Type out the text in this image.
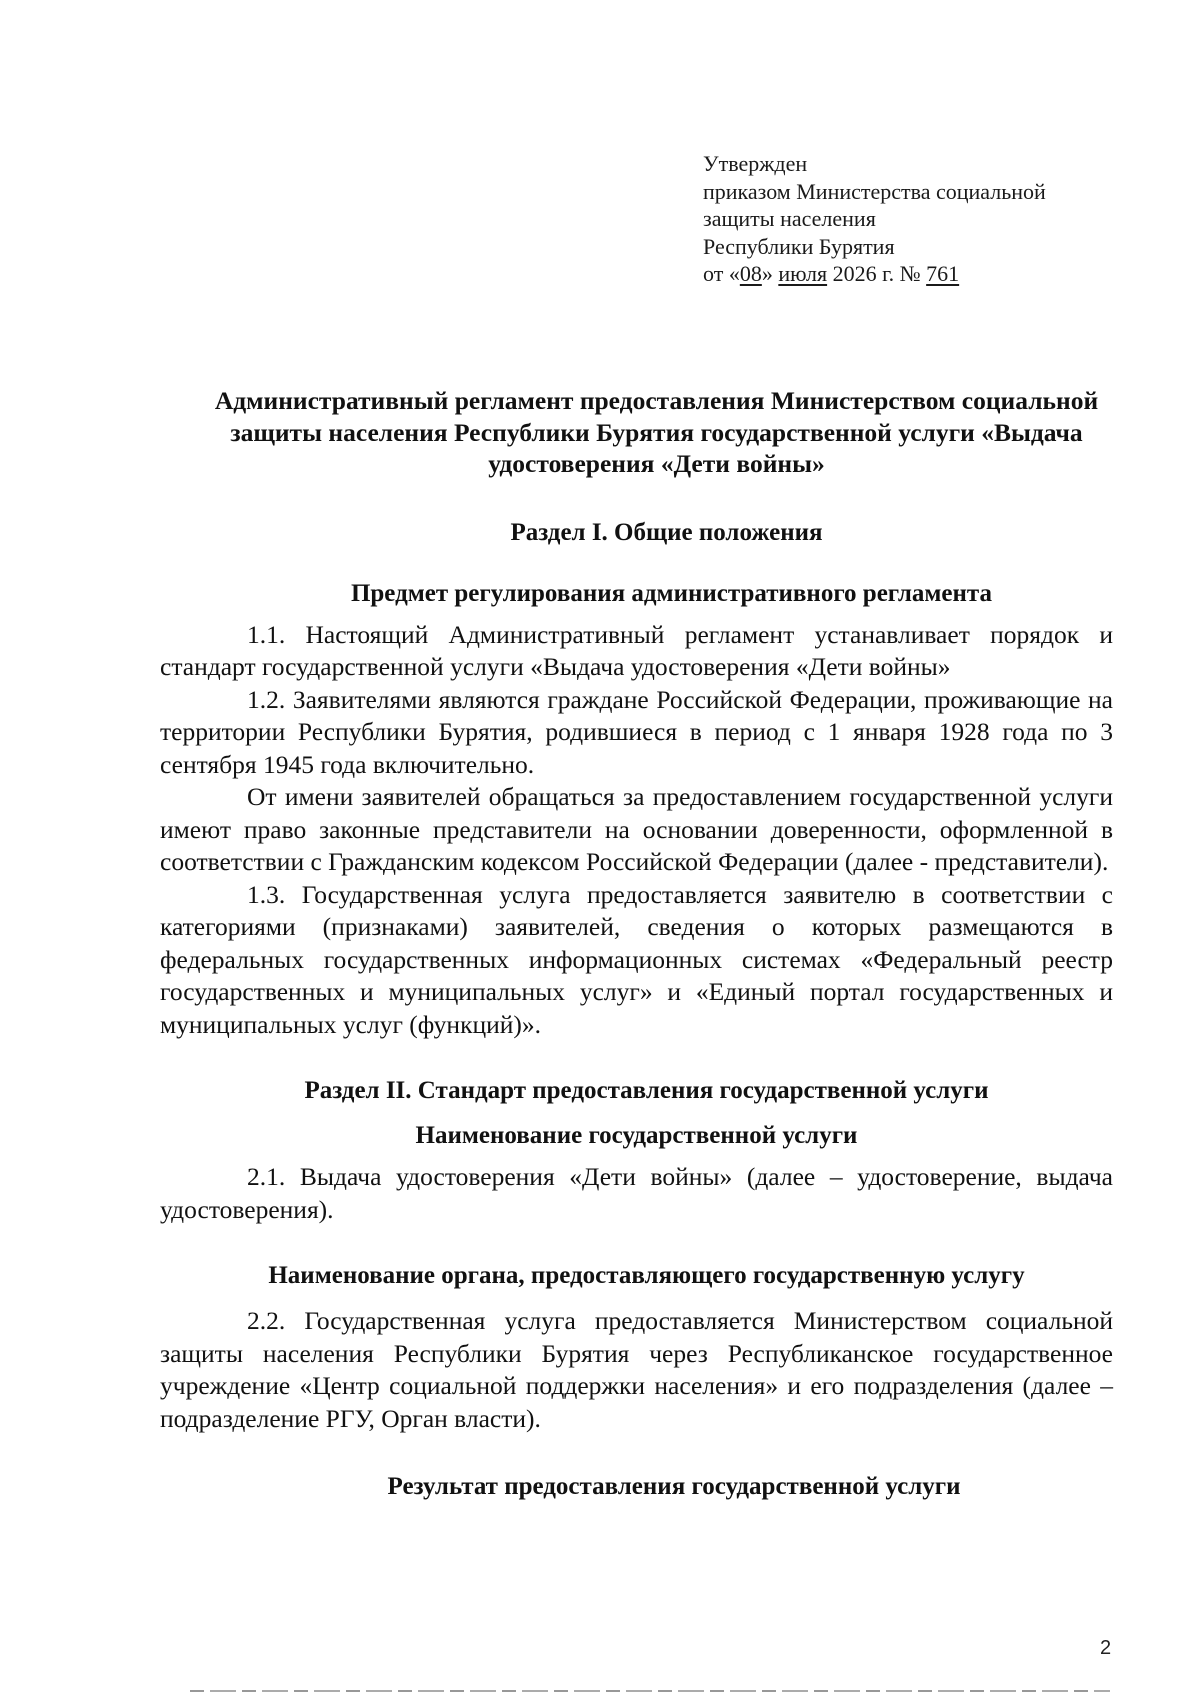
Утвержден
приказом Министерства социальной
защиты населения
Республики Бурятия
от «08» июля 2026 г. № 761
Административный регламент предоставления Министерством социальной защиты населения Республики Бурятия государственной услуги «Выдача удостоверения «Дети войны»
Раздел I. Общие положения
Предмет регулирования административного регламента

1.1. Настоящий Административный регламент устанавливает порядок и стандарт государственной услуги «Выдача удостоверения «Дети войны»

1.2. Заявителями являются граждане Российской Федерации, проживающие на территории Республики Бурятия, родившиеся в период с 1 января 1928 года по 3 сентября 1945 года включительно.

От имени заявителей обращаться за предоставлением государственной услуги имеют право законные представители на основании доверенности, оформленной в соответствии с Гражданским кодексом Российской Федерации (далее - представители).

1.3. Государственная услуга предоставляется заявителю в соответствии с категориями (признаками) заявителей, сведения о которых размещаются в федеральных государственных информационных системах «Федеральный реестр государственных и муниципальных услуг» и «Единый портал государственных и муниципальных услуг (функций)».

Раздел II. Стандарт предоставления государственной услуги
Наименование государственной услуги

2.1. Выдача удостоверения «Дети войны» (далее – удостоверение, выдача удостоверения).

Наименование органа, предоставляющего государственную услугу

2.2. Государственная услуга предоставляется Министерством социальной защиты населения Республики Бурятия через Республиканское государственное учреждение «Центр социальной поддержки населения» и его подразделения (далее – подразделение РГУ, Орган власти).

Результат предоставления государственной услуги
2
